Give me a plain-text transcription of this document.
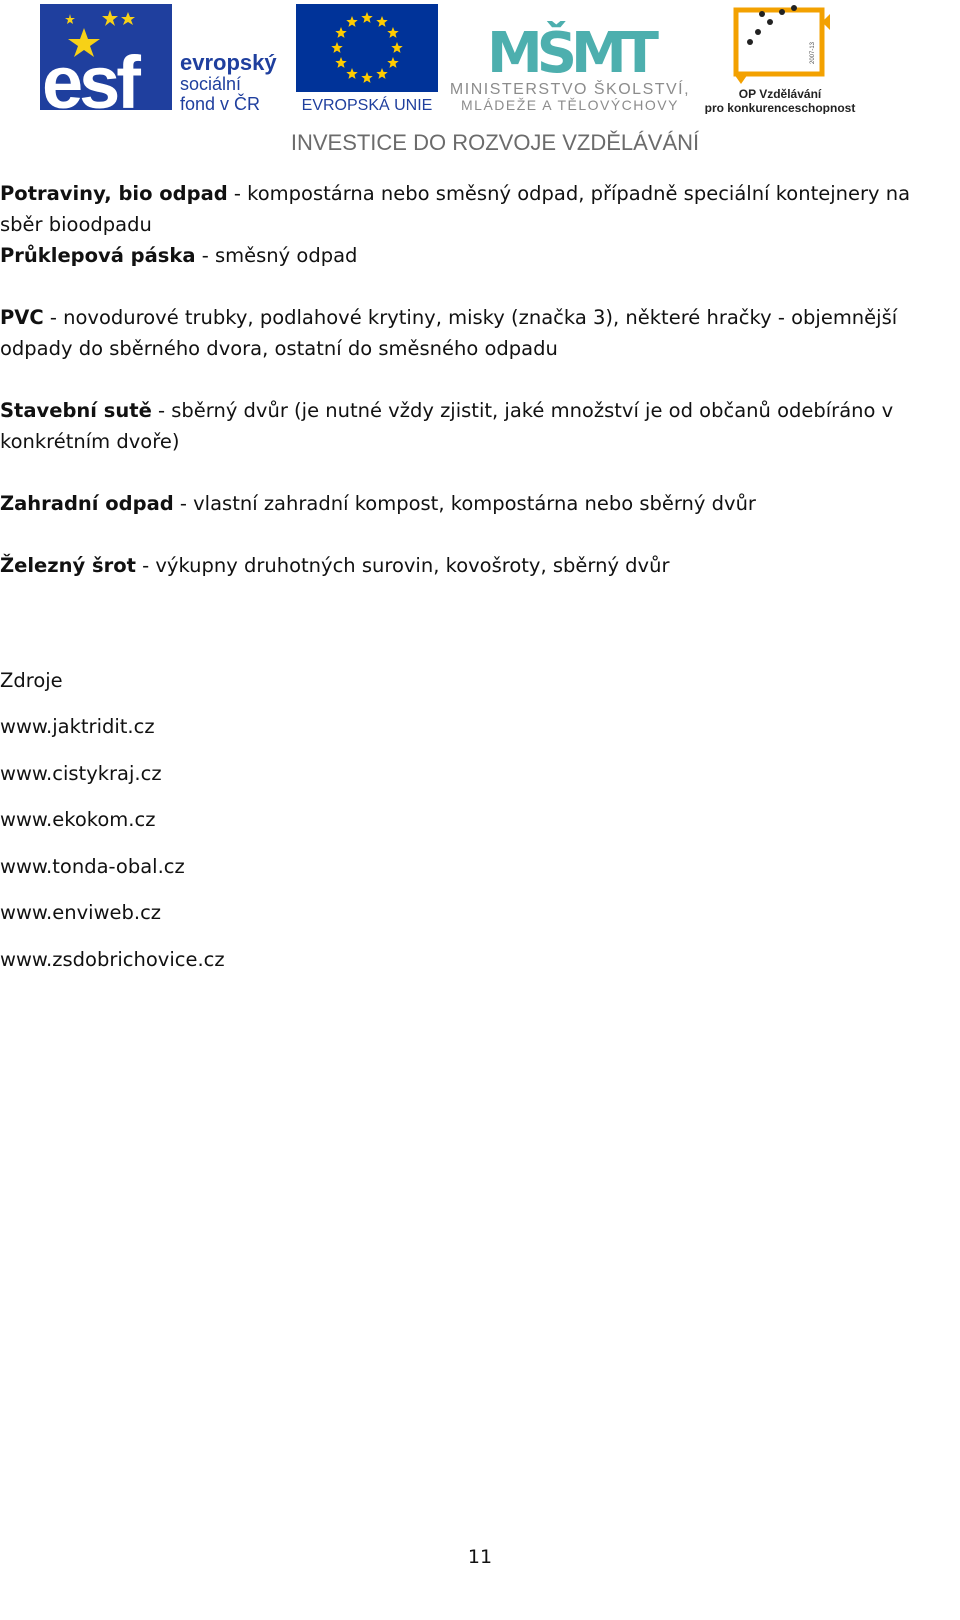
esf evropský
sociální
fond v ČR	EVROPSKÁ UNIE
MŠMT
MINISTERSTVO ŠKOLSTVÍ,
MLÁDEŽE A TĚLOVÝCHOVY
2007-13
OP Vzdělávání
pro konkurenceschopnost
INVESTICE DO ROZVOJE VZDĚLÁVÁNÍ

Potraviny, bio odpad - kompostárna nebo směsný odpad, případně speciální kontejnery na sběr bioodpadu

Průklepová páska - směsný odpad

PVC - novodurové trubky, podlahové krytiny, misky (značka 3), některé hračky - objemnější odpady do sběrného dvora, ostatní do směsného odpadu

Stavební sutě - sběrný dvůr (je nutné vždy zjistit, jaké množství je od občanů odebíráno v konkrétním dvoře)

Zahradní odpad - vlastní zahradní kompost, kompostárna nebo sběrný dvůr

Železný šrot - výkupny druhotných surovin, kovošroty, sběrný dvůr

Zdroje
www.jaktridit.cz
www.cistykraj.cz
www.ekokom.cz
www.tonda-obal.cz
www.enviweb.cz
www.zsdobrichovice.cz
11
